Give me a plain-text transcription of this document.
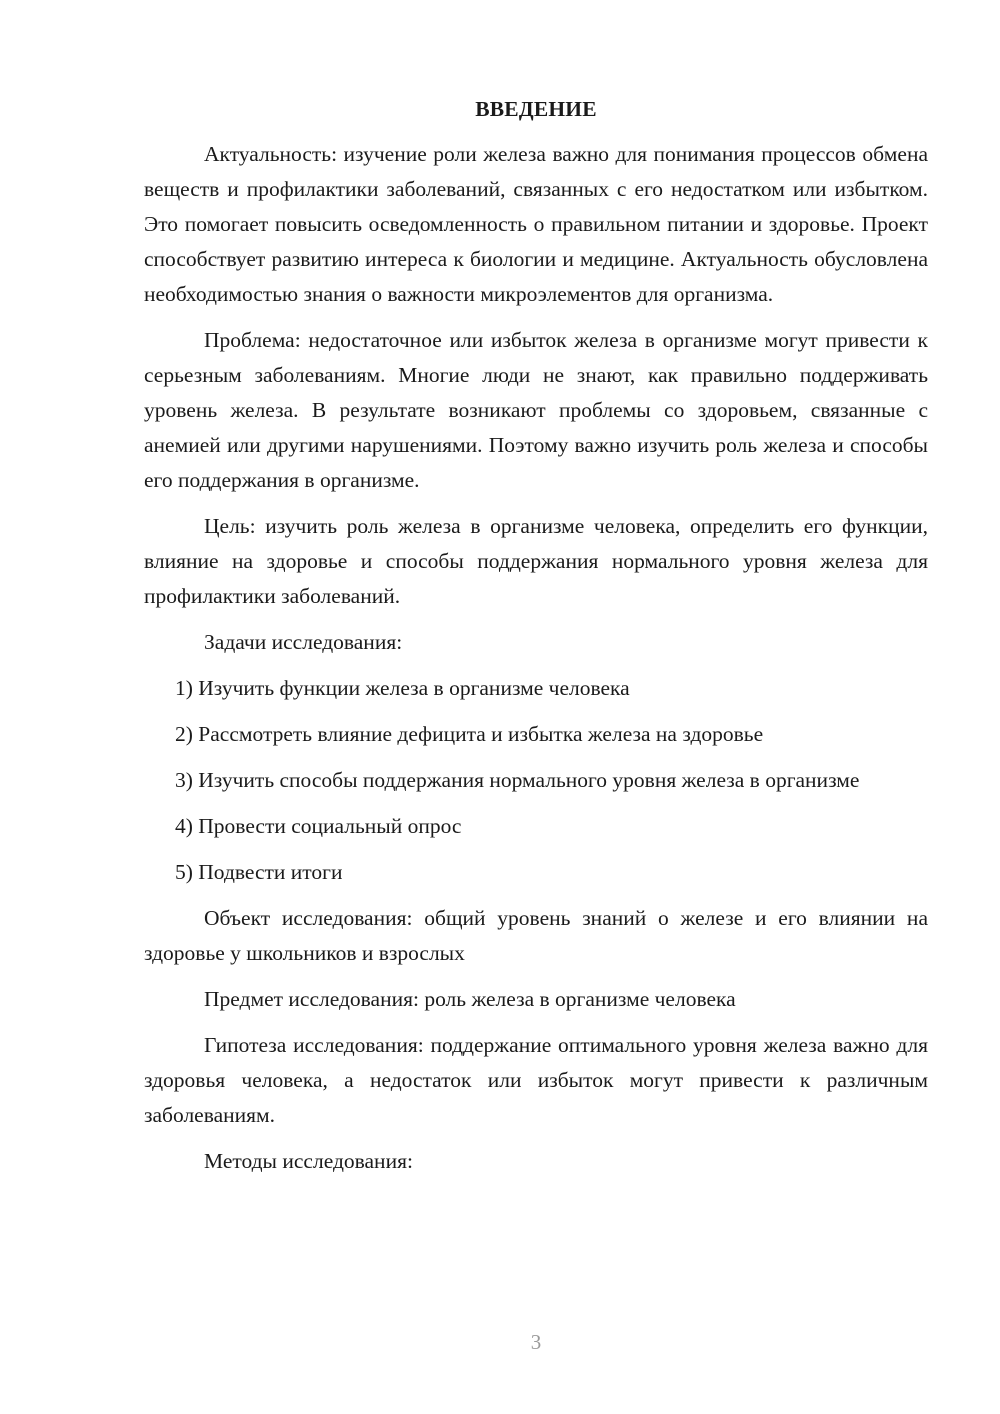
ВВЕДЕНИЕ

Актуальность: изучение роли железа важно для понимания процессов обмена веществ и профилактики заболеваний, связанных с его недостатком или избытком. Это помогает повысить осведомленность о правильном питании и здоровье. Проект способствует развитию интереса к биологии и медицине. Актуальность обусловлена необходимостью знания о важности микроэлементов для организма.

Проблема: недостаточное или избыток железа в организме могут привести к серьезным заболеваниям. Многие люди не знают, как правильно поддерживать уровень железа. В результате возникают проблемы со здоровьем, связанные с анемией или другими нарушениями. Поэтому важно изучить роль железа и способы его поддержания в организме.

Цель: изучить роль железа в организме человека, определить его функции, влияние на здоровье и способы поддержания нормального уровня железа для профилактики заболеваний.

Задачи исследования:

1) Изучить функции железа в организме человека

2) Рассмотреть влияние дефицита и избытка железа на здоровье

3) Изучить способы поддержания нормального уровня железа в организме

4) Провести социальный опрос

5) Подвести итоги

Объект исследования: общий уровень знаний о железе и его влиянии на здоровье у школьников и взрослых

Предмет исследования: роль железа в организме человека

Гипотеза исследования: поддержание оптимального уровня железа важно для здоровья человека, а недостаток или избыток могут привести к различным заболеваниям.

Методы исследования:

3
